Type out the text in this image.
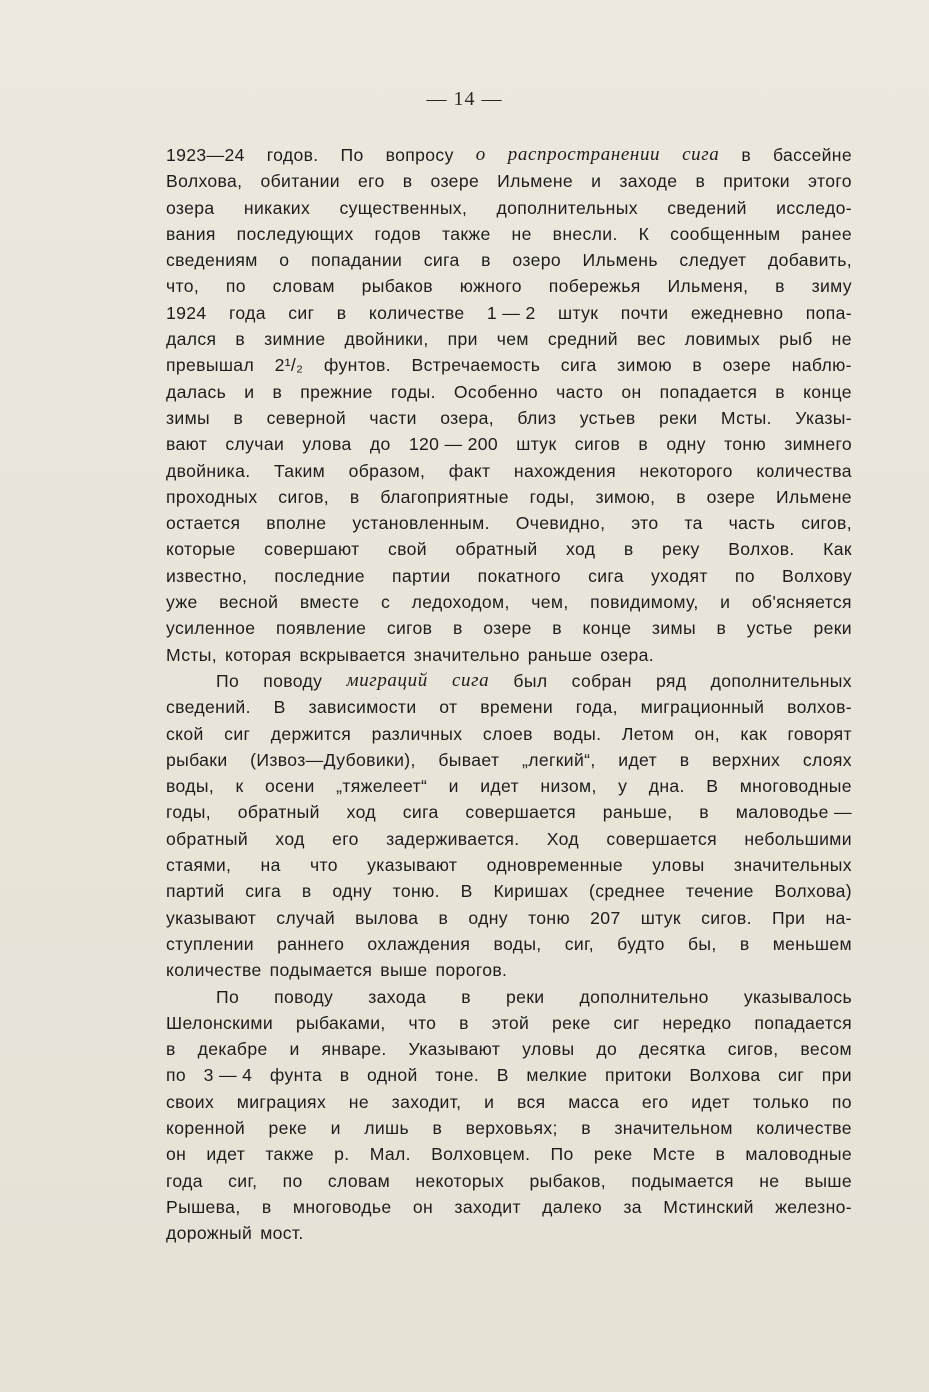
— 14 —
1923—24 годов. По вопросу о распространении сига в бассейне
Волхова, обитании его в озере Ильмене и заходе в притоки этого
озера никаких существенных, дополнительных сведений исследо-
вания последующих годов также не внесли. К сообщенным ранее
сведениям о попадании сига в озеро Ильмень следует добавить,
что, по словам рыбаков южного побережья Ильменя, в зиму
1924 года сиг в количестве 1 — 2 штук почти ежедневно попа-
дался в зимние двойники, при чем средний вес ловимых рыб не
превышал 2¹/₂ фунтов. Встречаемость сига зимою в озере наблю-
далась и в прежние годы. Особенно часто он попадается в конце
зимы в северной части озера, близ устьев реки Мсты. Указы-
вают случаи улова до 120 — 200 штук сигов в одну тоню зимнего
двойника. Таким образом, факт нахождения некоторого количества
проходных сигов, в благоприятные годы, зимою, в озере Ильмене
остается вполне установленным. Очевидно, это та часть сигов,
которые совершают свой обратный ход в реку Волхов. Как
известно, последние партии покатного сига уходят по Волхову
уже весной вместе с ледоходом, чем, повидимому, и об'ясняется
усиленное появление сигов в озере в конце зимы в устье реки
Мсты, которая вскрывается значительно раньше озера.
По поводу миграций сига был собран ряд дополнительных
сведений. В зависимости от времени года, миграционный волхов-
ской сиг держится различных слоев воды. Летом он, как говорят
рыбаки (Извоз—Дубовики), бывает „легкий“, идет в верхних слоях
воды, к осени „тяжелеет“ и идет низом, у дна. В многоводные
годы, обратный ход сига совершается раньше, в маловодье —
обратный ход его задерживается. Ход совершается небольшими
стаями, на что указывают одновременные уловы значительных
партий сига в одну тоню. В Киришах (среднее течение Волхова)
указывают случай вылова в одну тоню 207 штук сигов. При на-
ступлении раннего охлаждения воды, сиг, будто бы, в меньшем
количестве подымается выше порогов.
По поводу захода в реки дополнительно указывалось
Шелонскими рыбаками, что в этой реке сиг нередко попадается
в декабре и январе. Указывают уловы до десятка сигов, весом
по 3 — 4 фунта в одной тоне. В мелкие притоки Волхова сиг при
своих миграциях не заходит, и вся масса его идет только по
коренной реке и лишь в верховьях; в значительном количестве
он идет также р. Мал. Волховцем. По реке Мсте в маловодные
года сиг, по словам некоторых рыбаков, подымается не выше
Рышева, в многоводье он заходит далеко за Мстинский железно-
дорожный мост.
